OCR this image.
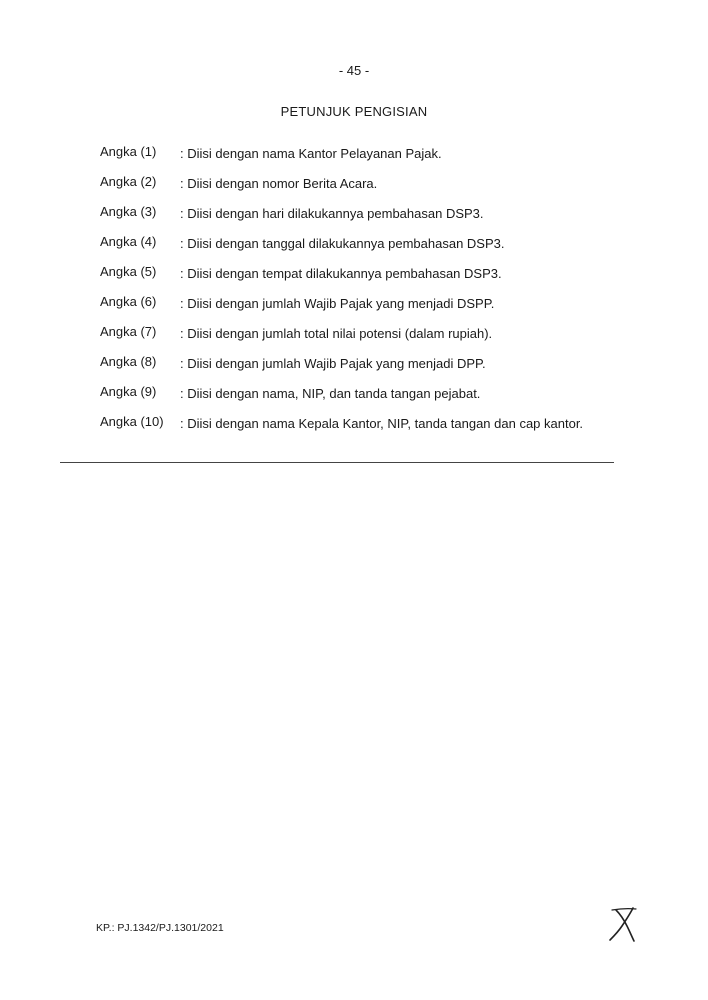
- 45 -
PETUNJUK PENGISIAN
Angka (1) : Diisi dengan nama Kantor Pelayanan Pajak.
Angka (2) : Diisi dengan nomor Berita Acara.
Angka (3) : Diisi dengan hari dilakukannya pembahasan DSP3.
Angka (4) : Diisi dengan tanggal dilakukannya pembahasan DSP3.
Angka (5) : Diisi dengan tempat dilakukannya pembahasan DSP3.
Angka (6) : Diisi dengan jumlah Wajib Pajak yang menjadi DSPP.
Angka (7) : Diisi dengan jumlah total nilai potensi (dalam rupiah).
Angka (8) : Diisi dengan jumlah Wajib Pajak yang menjadi DPP.
Angka (9) : Diisi dengan nama, NIP, dan tanda tangan pejabat.
Angka (10) : Diisi dengan nama Kepala Kantor, NIP, tanda tangan dan cap kantor.
KP.: PJ.1342/PJ.1301/2021
